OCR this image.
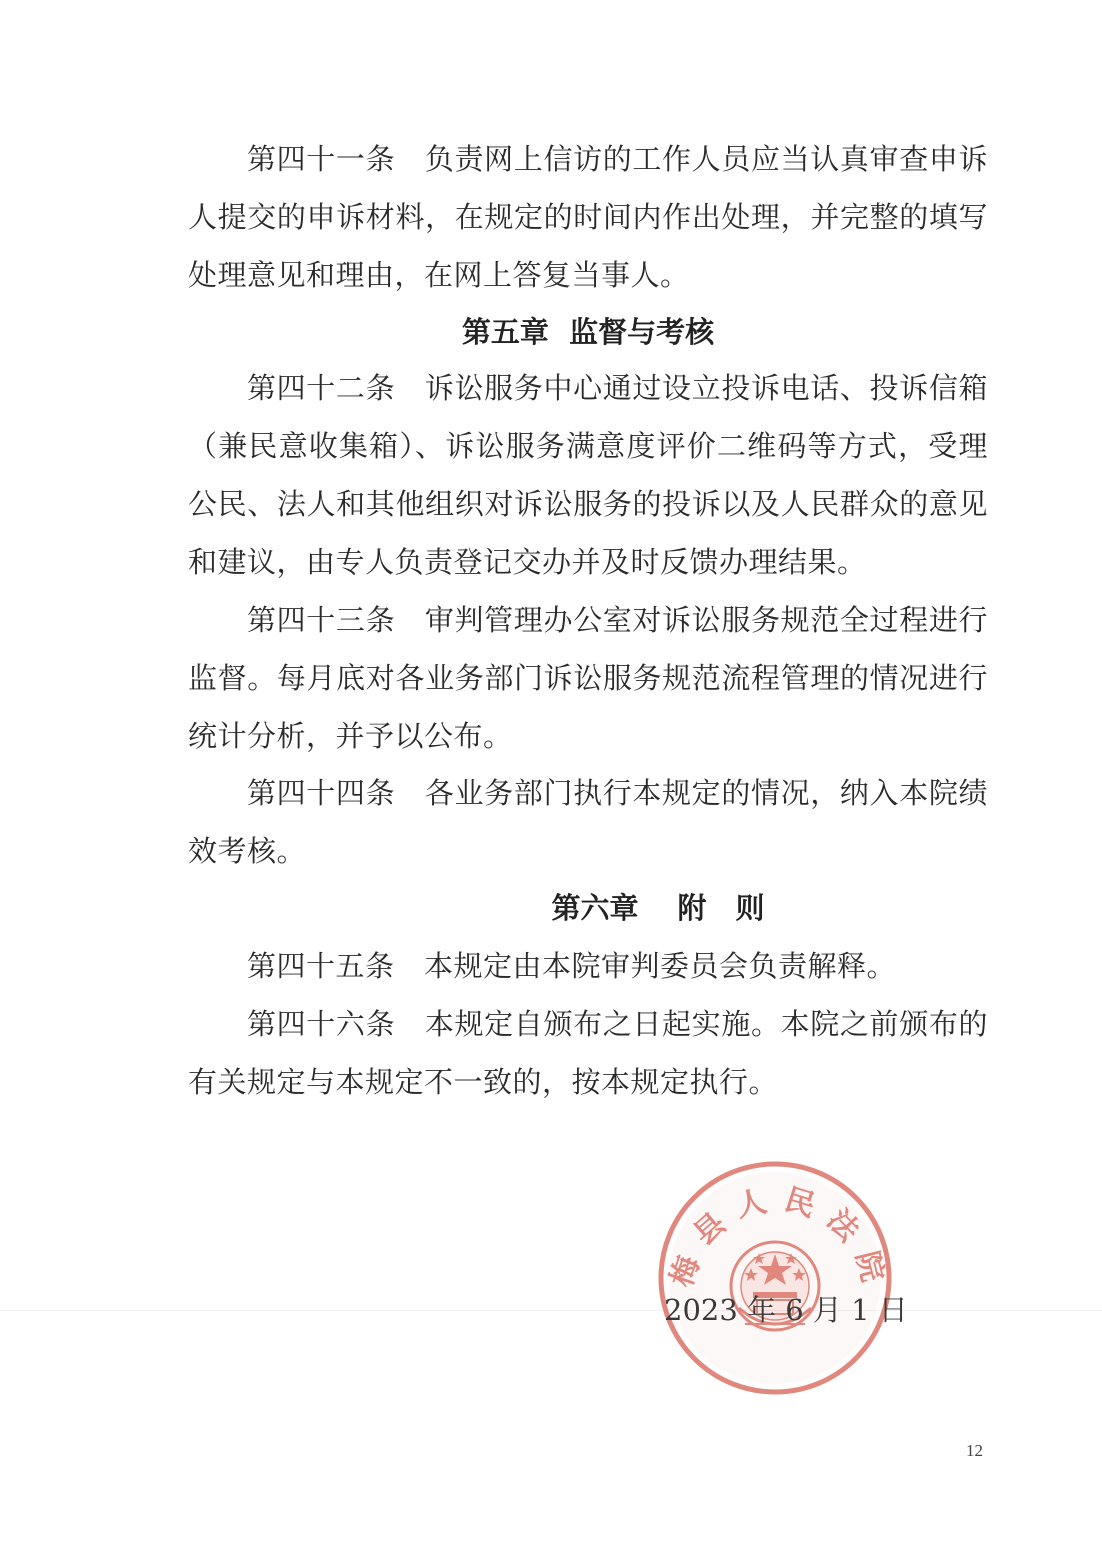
第四十一条　负责网上信访的工作人员应当认真审查申诉
人提交的申诉材料，在规定的时间内作出处理，并完整的填写
处理意见和理由，在网上答复当事人。
第五章  监督与考核
第四十二条　诉讼服务中心通过设立投诉电话、投诉信箱
（兼民意收集箱）、诉讼服务满意度评价二维码等方式，受理
公民、法人和其他组织对诉讼服务的投诉以及人民群众的意见
和建议，由专人负责登记交办并及时反馈办理结果。
第四十三条　审判管理办公室对诉讼服务规范全过程进行
监督。每月底对各业务部门诉讼服务规范流程管理的情况进行
统计分析，并予以公布。
第四十四条　各业务部门执行本规定的情况，纳入本院绩
效考核。
第六章　 附　则
第四十五条　本规定由本院审判委员会负责解释。
第四十六条　本规定自颁布之日起实施。本院之前颁布的
有关规定与本规定不一致的，按本规定执行。
梅县人民法院
2023 年 6 月 1 日
12
